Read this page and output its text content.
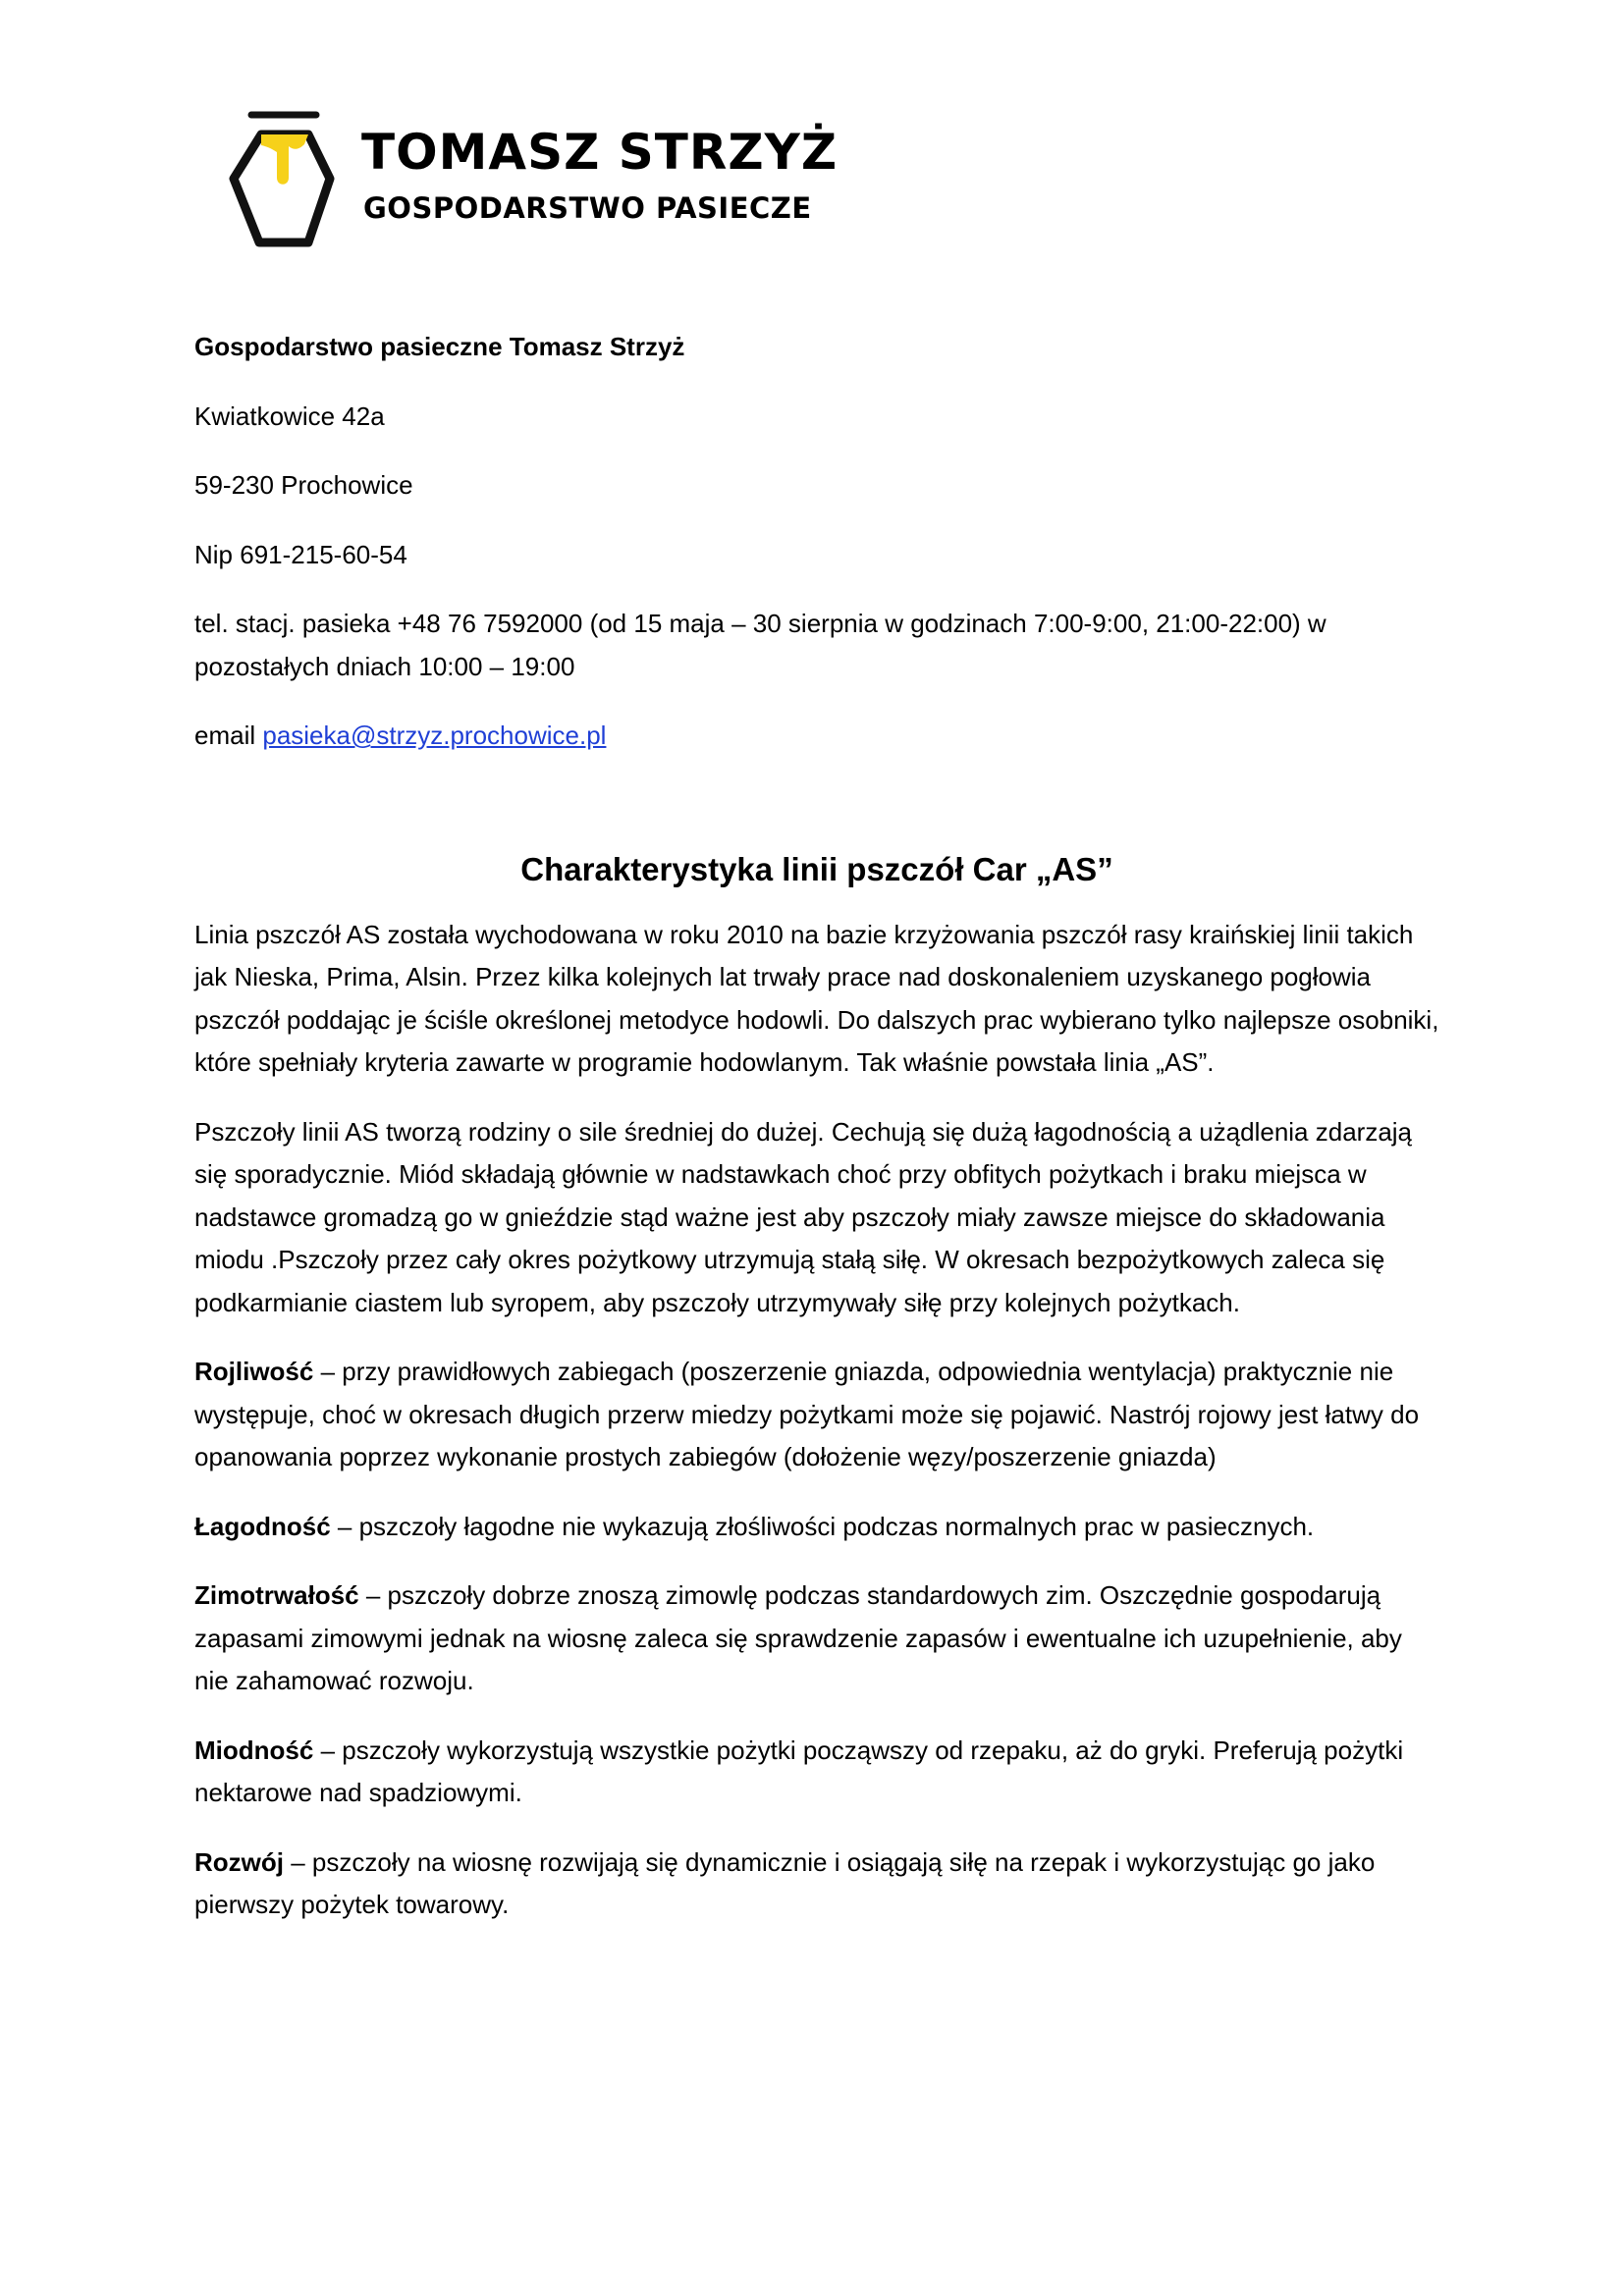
TOMASZ STRZYŻ

GOSPODARSTWO PASIECZE

Gospodarstwo pasieczne Tomasz Strzyż

Kwiatkowice 42a

59-230 Prochowice

Nip 691-215-60-54

tel. stacj. pasieka +48 76 7592000 (od 15 maja – 30 sierpnia w godzinach 7:00-9:00, 21:00-22:00) w pozostałych dniach 10:00 – 19:00

email pasieka@strzyz.prochowice.pl

Charakterystyka linii pszczół Car „AS”

Linia pszczół AS została wychodowana w roku 2010 na bazie krzyżowania pszczół rasy kraińskiej linii takich jak Nieska, Prima, Alsin. Przez kilka kolejnych lat trwały prace nad doskonaleniem uzyskanego pogłowia pszczół poddając je ściśle określonej metodyce hodowli. Do dalszych prac wybierano tylko najlepsze osobniki, które spełniały kryteria zawarte w programie hodowlanym. Tak właśnie powstała linia „AS”.

Pszczoły linii AS tworzą rodziny o sile średniej do dużej. Cechują się dużą łagodnością a użądlenia zdarzają się sporadycznie. Miód składają głównie w nadstawkach choć przy obfitych pożytkach i braku miejsca w nadstawce gromadzą go w gnieździe stąd ważne jest aby pszczoły miały zawsze miejsce do składowania miodu .Pszczoły przez cały okres pożytkowy utrzymują stałą siłę. W okresach bezpożytkowych zaleca się podkarmianie ciastem lub syropem, aby pszczoły utrzymywały siłę przy kolejnych pożytkach.

Rojliwość – przy prawidłowych zabiegach (poszerzenie gniazda, odpowiednia wentylacja) praktycznie nie występuje, choć w okresach długich przerw miedzy pożytkami może się pojawić. Nastrój rojowy jest łatwy do opanowania poprzez wykonanie prostych zabiegów (dołożenie węzy/poszerzenie gniazda)

Łagodność – pszczoły łagodne nie wykazują złośliwości podczas normalnych prac w pasiecznych.

Zimotrwałość – pszczoły dobrze znoszą zimowlę podczas standardowych zim. Oszczędnie gospodarują zapasami zimowymi jednak na wiosnę zaleca się sprawdzenie zapasów i ewentualne ich uzupełnienie, aby nie zahamować rozwoju.

Miodność – pszczoły wykorzystują wszystkie pożytki począwszy od rzepaku, aż do gryki. Preferują pożytki nektarowe nad spadziowymi.

Rozwój – pszczoły na wiosnę rozwijają się dynamicznie i osiągają siłę na rzepak i wykorzystując go jako pierwszy pożytek towarowy.
